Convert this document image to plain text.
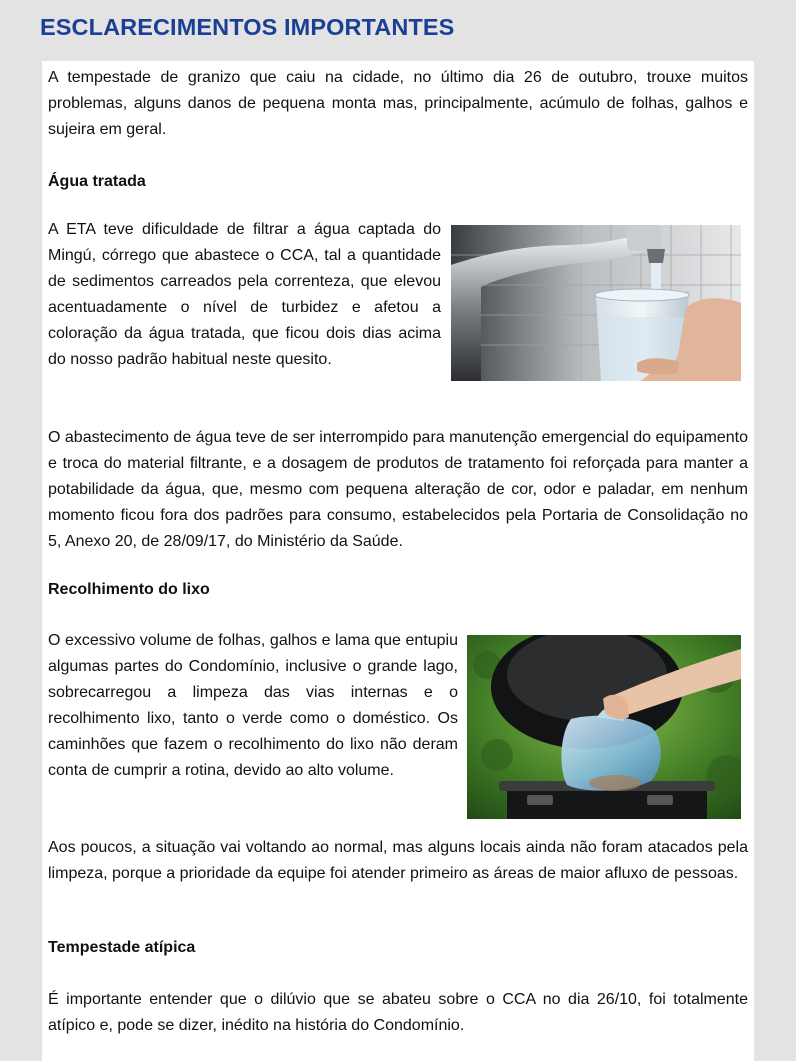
ESCLARECIMENTOS IMPORTANTES

A tempestade de granizo que caiu na cidade, no último dia 26 de outubro, trouxe muitos problemas, alguns danos de pequena monta mas, principalmente, acúmulo de folhas, galhos e sujeira em geral.

Água tratada

A ETA teve dificuldade de filtrar a água captada do Mingú, córrego que abastece o CCA, tal a quantidade de sedimentos carreados pela correnteza, que elevou acentuadamente o nível de turbidez e afetou a coloração da água tratada, que ficou dois dias acima do nosso padrão habitual neste quesito.

O abastecimento de água teve de ser interrompido para manutenção emergencial do equipamento e troca do material filtrante, e a dosagem de produtos de tratamento foi reforçada para manter a potabilidade da água, que, mesmo com pequena alteração de cor, odor e paladar, em nenhum momento ficou fora dos padrões para consumo, estabelecidos pela Portaria de Consolidação no 5, Anexo 20, de 28/09/17, do Ministério da Saúde.

Recolhimento do lixo

O excessivo volume de folhas, galhos e lama que entupiu algumas partes do Condomínio, inclusive o grande lago, sobrecarregou a limpeza das vias internas e o recolhimento lixo, tanto o verde como o doméstico. Os caminhões que fazem o recolhimento do lixo não deram conta de cumprir a rotina, devido ao alto volume.

Aos poucos, a situação vai voltando ao normal, mas alguns locais ainda não foram atacados pela limpeza, porque a prioridade da equipe foi atender primeiro as áreas de maior afluxo de pessoas.

Tempestade atípica

É importante entender que o dilúvio que se abateu sobre o CCA no dia 26/10, foi totalmente atípico e, pode se dizer, inédito na história do Condomínio.
